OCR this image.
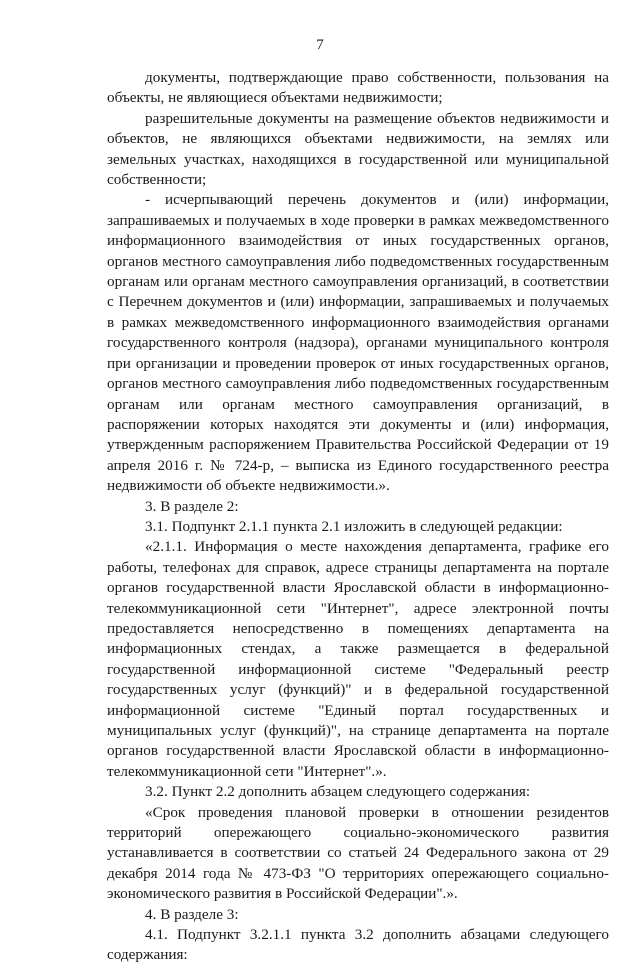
7

документы, подтверждающие право собственности, пользования на объекты, не являющиеся объектами недвижимости;

разрешительные документы на размещение объектов недвижимости и объектов, не являющихся объектами недвижимости, на землях или земельных участках, находящихся в государственной или муниципальной собственности;

- исчерпывающий перечень документов и (или) информации, запрашиваемых и получаемых в ходе проверки в рамках межведомственного информационного взаимодействия от иных государственных органов, органов местного самоуправления либо подведомственных государственным органам или органам местного самоуправления организаций, в соответствии с Перечнем документов и (или) информации, запрашиваемых и получаемых в рамках межведомственного информационного взаимодействия органами государственного контроля (надзора), органами муниципального контроля при организации и проведении проверок от иных государственных органов, органов местного самоуправления либо подведомственных государственным органам или органам местного самоуправления организаций, в распоряжении которых находятся эти документы и (или) информация, утвержденным распоряжением Правительства Российской Федерации от 19 апреля 2016 г. № 724-р, – выписка из Единого государственного реестра недвижимости об объекте недвижимости.».

3. В разделе 2:

3.1. Подпункт 2.1.1 пункта 2.1 изложить в следующей редакции:

«2.1.1. Информация о месте нахождения департамента, графике его работы, телефонах для справок, адресе страницы департамента на портале органов государственной власти Ярославской области в информационно-телекоммуникационной сети "Интернет", адресе электронной почты предоставляется непосредственно в помещениях департамента на информационных стендах, а также размещается в федеральной государственной информационной системе "Федеральный реестр государственных услуг (функций)" и в федеральной государственной информационной системе "Единый портал государственных и муниципальных услуг (функций)", на странице департамента на портале органов государственной власти Ярославской области в информационно-телекоммуникационной сети "Интернет".».

3.2. Пункт 2.2 дополнить абзацем следующего содержания:

«Срок проведения плановой проверки в отношении резидентов территорий опережающего социально-экономического развития устанавливается в соответствии со статьей 24 Федерального закона от 29 декабря 2014 года № 473-ФЗ "О территориях опережающего социально-экономического развития в Российской Федерации".».

4. В разделе 3:

4.1. Подпункт 3.2.1.1 пункта 3.2 дополнить абзацами следующего содержания:
